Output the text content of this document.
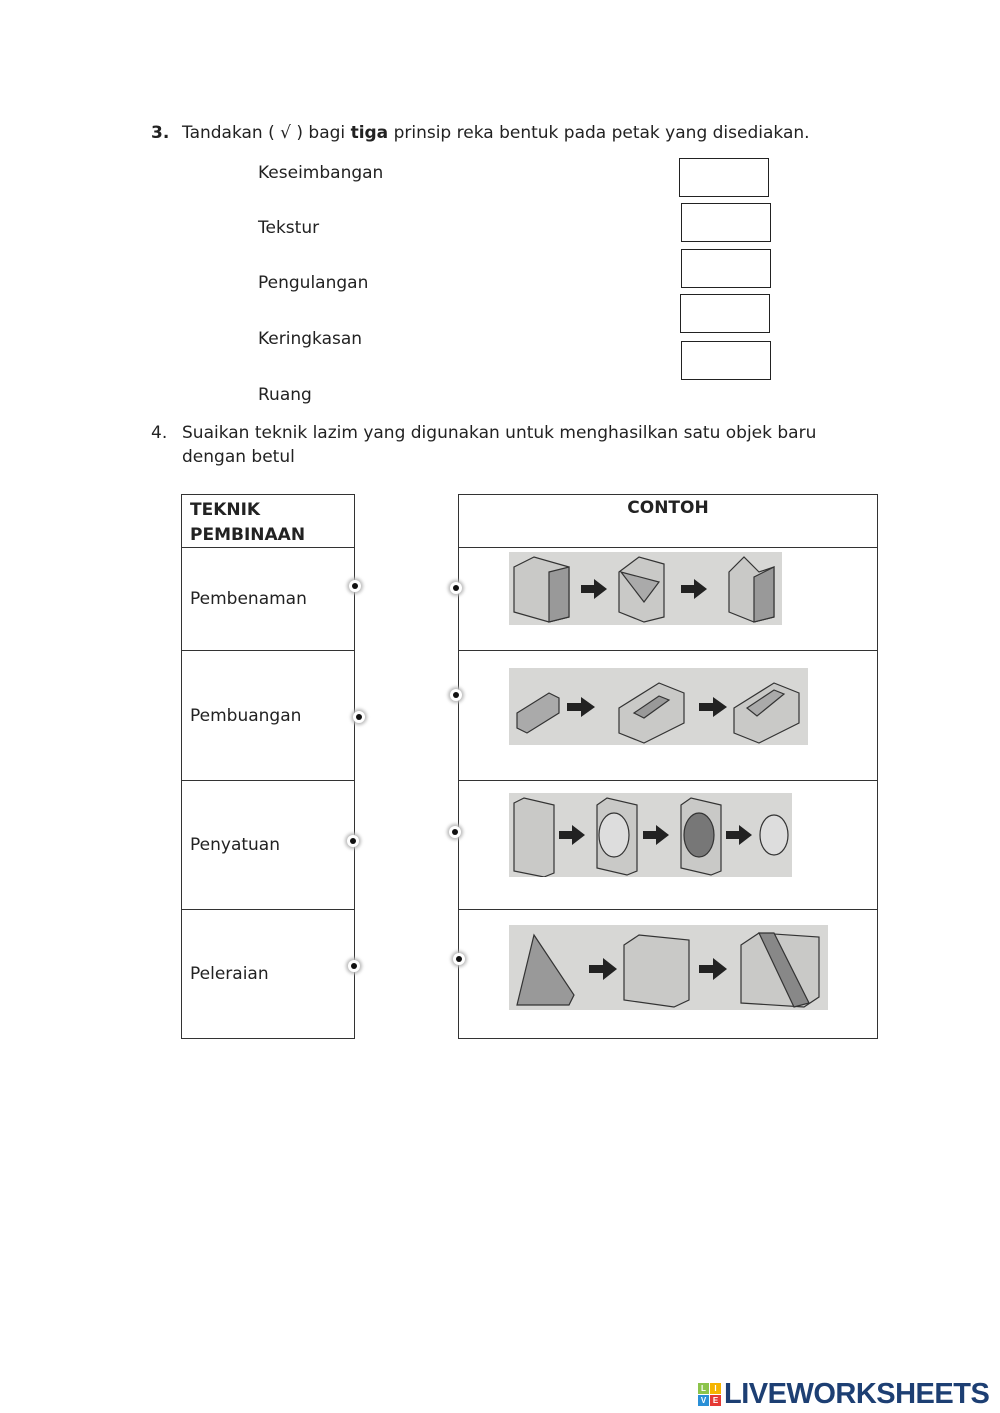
3. Tandakan ( √ ) bagi tiga prinsip reka bentuk pada petak yang disediakan.
Keseimbangan
Tekstur
Pengulangan
Keringkasan
Ruang
4. Suaikan teknik lazim yang digunakan untuk menghasilkan satu objek baru dengan betul
TEKNIK PEMBINAAN
Pembenaman
Pembuangan
Penyatuan
Peleraian
CONTOH
L	I
V E LIVEWORKSHEETS
